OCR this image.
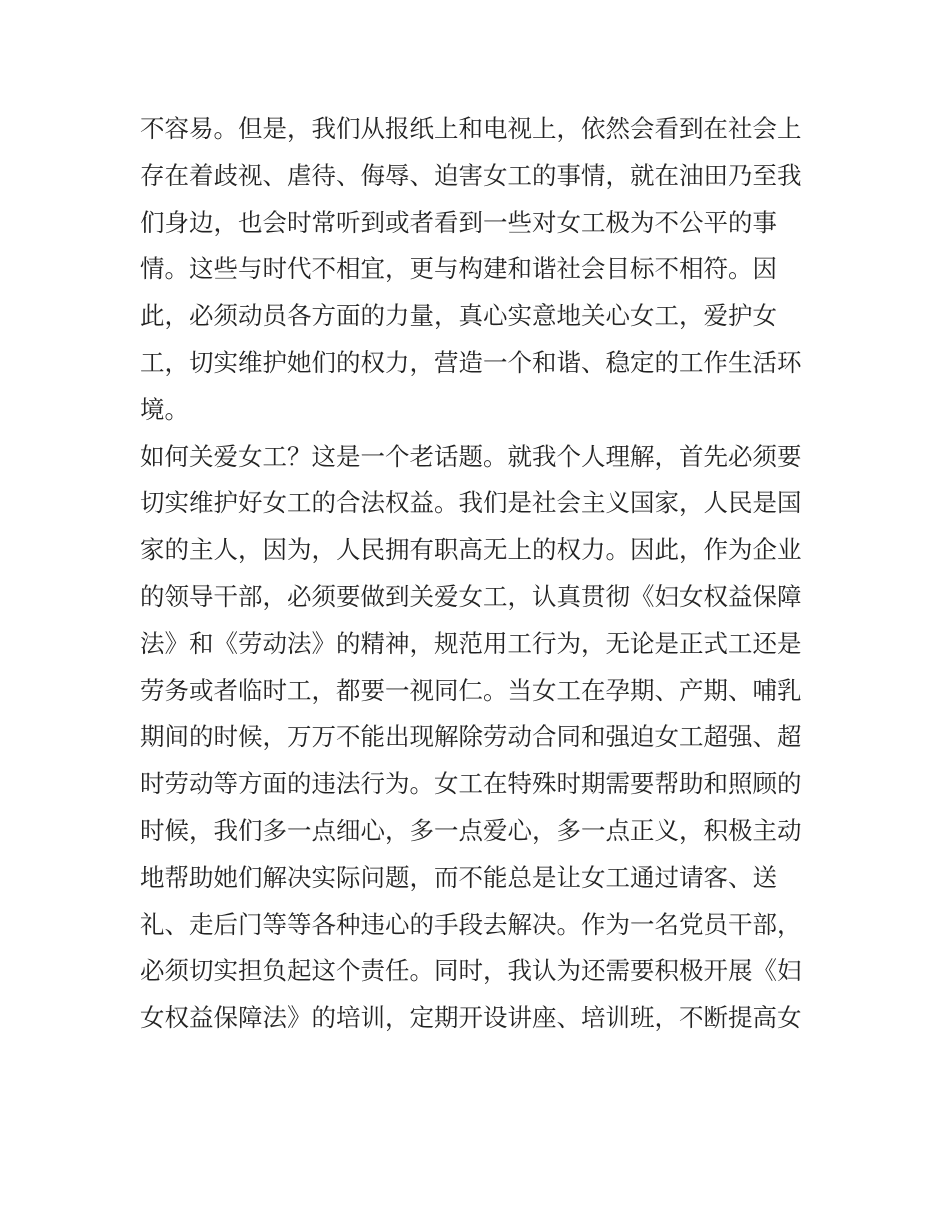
不容易。但是，我们从报纸上和电视上，依然会看到在社会上
存在着歧视、虐待、侮辱、迫害女工的事情，就在油田乃至我
们身边，也会时常听到或者看到一些对女工极为不公平的事
情。这些与时代不相宜，更与构建和谐社会目标不相符。因
此，必须动员各方面的力量，真心实意地关心女工，爱护女
工，切实维护她们的权力，营造一个和谐、稳定的工作生活环
境。
如何关爱女工？这是一个老话题。就我个人理解，首先必须要
切实维护好女工的合法权益。我们是社会主义国家，人民是国
家的主人，因为，人民拥有职高无上的权力。因此，作为企业
的领导干部，必须要做到关爱女工，认真贯彻《妇女权益保障
法》和《劳动法》的精神，规范用工行为，无论是正式工还是
劳务或者临时工，都要一视同仁。当女工在孕期、产期、哺乳
期间的时候，万万不能出现解除劳动合同和强迫女工超强、超
时劳动等方面的违法行为。女工在特殊时期需要帮助和照顾的
时候，我们多一点细心，多一点爱心，多一点正义，积极主动
地帮助她们解决实际问题，而不能总是让女工通过请客、送
礼、走后门等等各种违心的手段去解决。作为一名党员干部，
必须切实担负起这个责任。同时，我认为还需要积极开展《妇
女权益保障法》的培训，定期开设讲座、培训班，不断提高女
